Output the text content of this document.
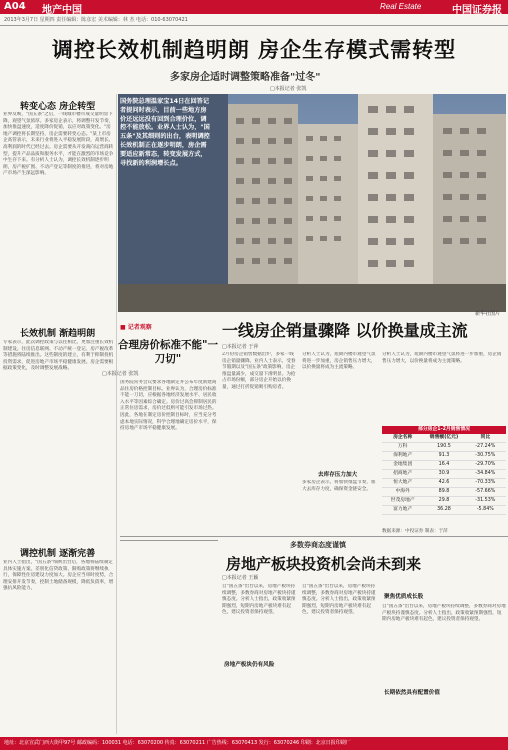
A04 地产中国	Real Estate	中国证券报
2013年3月7日 星期四 责任编辑：陈彦宏 美术编辑：林 杰 电话：010-63070421
调控长效机制趋明朗 房企生存模式需转型
多家房企适时调整策略准备"过冬"
□本报记者 张凯
转变心态 房企转型
业界反映，"国五条"之后，一线城市楼市成交量明显下降，观望气氛浓厚。多家房企表示，将调整开发节奏，加快推盘速度，适度降价促销，以应对政策变化。"房地产调控将长期坚持，房企需要转变心态。"某上市房企高管表示，未来行业将进入平稳发展阶段，高增长、高利润的时代已经过去。房企需要从开发商向运营商转型，提升产品品质和服务水平，才能在激烈的市场竞争中生存下来。有分析人士认为，调控长效机制逐步明朗，房产税扩围、不动产登记等制度的推进，将对房地产市场产生深远影响。
长效机制 渐趋明朗
专家表示，此次调控政策与以往相比，更加注重长效机制建设。住房信息联网、不动产统一登记、房产税改革等措施将陆续推出。这些制度的建立，有利于抑制投机投资需求，促进房地产市场平稳健康发展。房企需要根据政策变化，及时调整发展战略。
调控机制 逐渐完善
业内人士指出，"国五条"细则出台后，各地将陆续制定具体实施方案。差别化信贷政策、限购政策将继续执行，保障性住房建设力度加大。房企应当审时度势，合理安排开发节奏，控制土地储备规模，降低负债率，增强抗风险能力。
国务院总理温家宝14日在回答记者提问时表示，目前一些地方房价还远远没有回到合理价位，调控不能放松。业界人士认为，"国五条"及其细则的出台，表明调控长效机制正在逐步明朗，房企需要适应新常态，转变发展方式，寻找新的利润增长点。
新华社图片
■ 记者观察
合理房价标准不能"一刀切"
□本报记者 张凯
国务院常务会议要求各地制定并公布年度新建商品住房价格控制目标。业界认为，合理房价标准不能一刀切，应根据各地经济发展水平、居民收入水平等因素综合确定。房价过高会抑制居民的正常住房需求，房价过低则可能引发市场过热。因此，各地在制定房价控制目标时，应当充分考虑本地实际情况，科学合理地确定房价水平，保持房地产市场平稳健康发展。
一线房企销量骤降 以价换量成主流
□本报记者 于萍
2月份房企销售数据出炉，多家一线房企销量骤降。业内人士表示，受春节假期以及"国五条"政策影响，房企推盘量减少，成交量下滑明显。为抢占市场份额，部分房企开始以价换量，通过打折促销吸引购房者。
分析人士认为，短期内楼市观望气氛将进一步加重，房企销售压力增大，以价换量将成为主流策略。
去库存压力加大
多家房企表示，将加快推盘节奏，加大去库存力度，确保资金链安全。
分析人士认为，短期内楼市观望气氛将进一步加重，房企销售压力增大，以价换量将成为主流策略。
部分房企1-2月销售情况
房企名称	销售额(亿元)	同比
万科	190.5	-27.24%
保利地产	91.3	-30.75%
金地集团	16.4	-29.70%
招商地产	30.9	-34.84%
恒大地产	42.6	-70.33%
中海外	89.8	-57.66%
世茂房地产	29.8	-31.53%
富力地产	36.28	-5.84%
数据来源：中投证券 制表：于萍
多数券商态度谨慎
房地产板块投资机会尚未到来
□本报记者 王颖
自"国五条"出台以来，房地产板块持续调整，多数券商对房地产板块持谨慎态度。分析人士指出，政策收紧预期强烈，短期内房地产板块难有起色，建议投资者保持观望。
房地产板块仍有风险
自"国五条"出台以来，房地产板块持续调整，多数券商对房地产板块持谨慎态度。分析人士指出，政策收紧预期强烈，短期内房地产板块难有起色，建议投资者保持观望。
聚焦优质成长股
自"国五条"出台以来，房地产板块持续调整，多数券商对房地产板块持谨慎态度。分析人士指出，政策收紧预期强烈，短期内房地产板块难有起色，建议投资者保持观望。
长期依然具有配置价值
地址：北京宣武门西大街甲97号 邮政编码：100031 电话：63070200 传真：63070211 广告热线：63070413 发行：63070246 印刷：北京日报印刷厂
